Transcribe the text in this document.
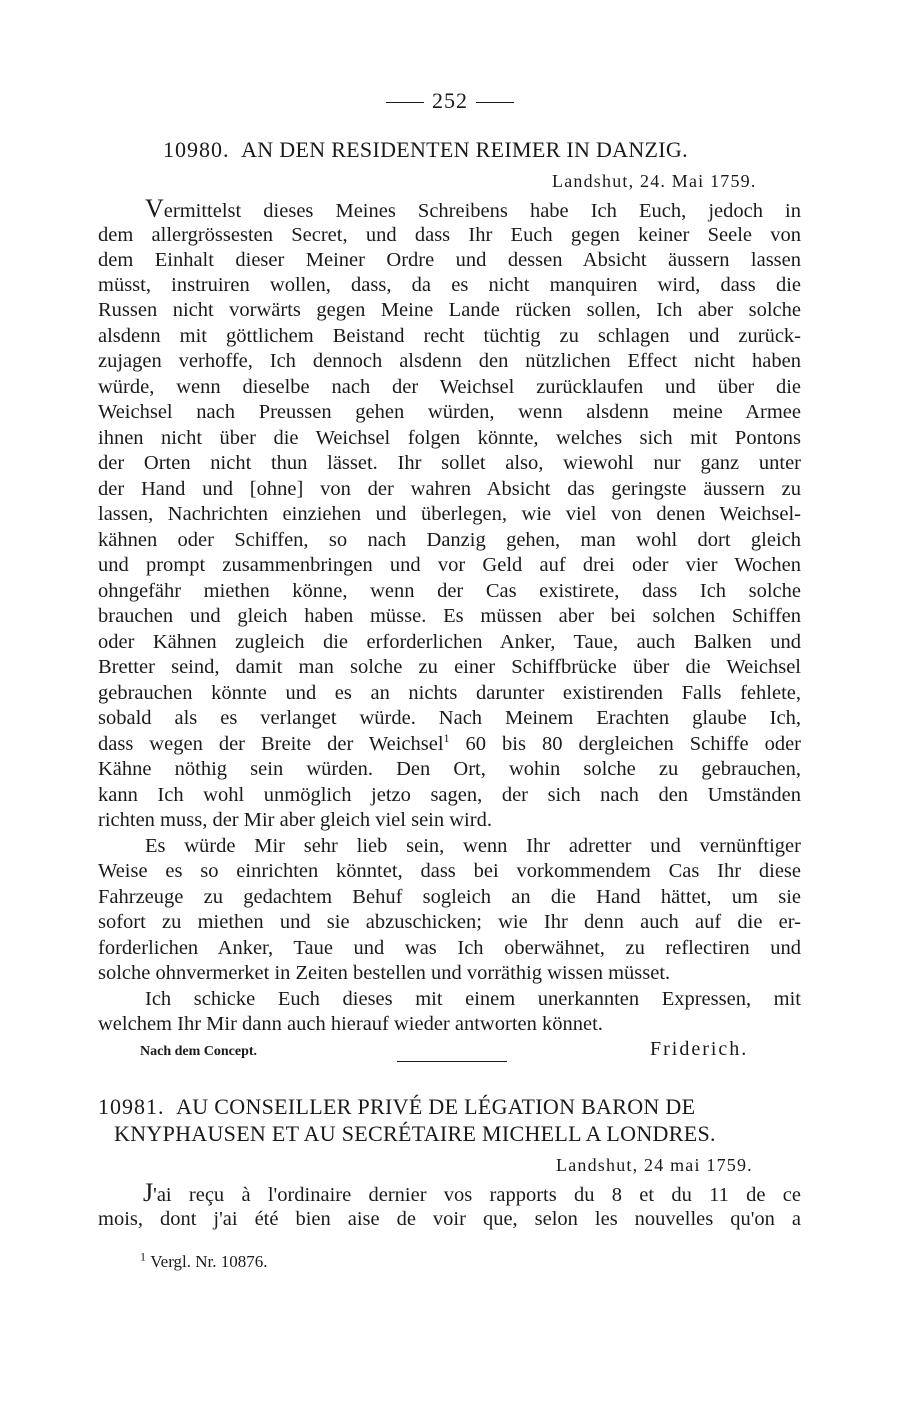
252
10980. AN DEN RESIDENTEN REIMER IN DANZIG.
Landshut, 24. Mai 1759.
Vermittelst dieses Meines Schreibens habe Ich Euch, jedoch in
dem allergrössesten Secret, und dass Ihr Euch gegen keiner Seele von
dem Einhalt dieser Meiner Ordre und dessen Absicht äussern lassen
müsst, instruiren wollen, dass, da es nicht manquiren wird, dass die
Russen nicht vorwärts gegen Meine Lande rücken sollen, Ich aber solche
alsdenn mit göttlichem Beistand recht tüchtig zu schlagen und zurück-
zujagen verhoffe, Ich dennoch alsdenn den nützlichen Effect nicht haben
würde, wenn dieselbe nach der Weichsel zurücklaufen und über die
Weichsel nach Preussen gehen würden, wenn alsdenn meine Armee
ihnen nicht über die Weichsel folgen könnte, welches sich mit Pontons
der Orten nicht thun lässet. Ihr sollet also, wiewohl nur ganz unter
der Hand und [ohne] von der wahren Absicht das geringste äussern zu
lassen, Nachrichten einziehen und überlegen, wie viel von denen Weichsel-
kähnen oder Schiffen, so nach Danzig gehen, man wohl dort gleich
und prompt zusammenbringen und vor Geld auf drei oder vier Wochen
ohngefähr miethen könne, wenn der Cas existirete, dass Ich solche
brauchen und gleich haben müsse. Es müssen aber bei solchen Schiffen
oder Kähnen zugleich die erforderlichen Anker, Taue, auch Balken und
Bretter seind, damit man solche zu einer Schiffbrücke über die Weichsel
gebrauchen könnte und es an nichts darunter existirenden Falls fehlete,
sobald als es verlanget würde. Nach Meinem Erachten glaube Ich,
dass wegen der Breite der Weichsel$^1$ 60 bis 80 dergleichen Schiffe oder
Kähne nöthig sein würden. Den Ort, wohin solche zu gebrauchen,
kann Ich wohl unmöglich jetzo sagen, der sich nach den Umständen
richten muss, der Mir aber gleich viel sein wird.
Es würde Mir sehr lieb sein, wenn Ihr adretter und vernünftiger
Weise es so einrichten könntet, dass bei vorkommendem Cas Ihr diese
Fahrzeuge zu gedachtem Behuf sogleich an die Hand hättet, um sie
sofort zu miethen und sie abzuschicken; wie Ihr denn auch auf die er-
forderlichen Anker, Taue und was Ich oberwähnet, zu reflectiren und
solche ohnvermerket in Zeiten bestellen und vorräthig wissen müsset.
Ich schicke Euch dieses mit einem unerkannten Expressen, mit
welchem Ihr Mir dann auch hierauf wieder antworten könnet.
Nach dem Concept.	Friderich.
10981. AU CONSEILLER PRIVÉ DE LÉGATION BARON DE
KNYPHAUSEN ET AU SECRÉTAIRE MICHELL A LONDRES.
Landshut, 24 mai 1759.
J'ai reçu à l'ordinaire dernier vos rapports du 8 et du 11 de ce
mois, dont j'ai été bien aise de voir que, selon les nouvelles qu'on a
$^1$ Vergl. Nr. 10876.
